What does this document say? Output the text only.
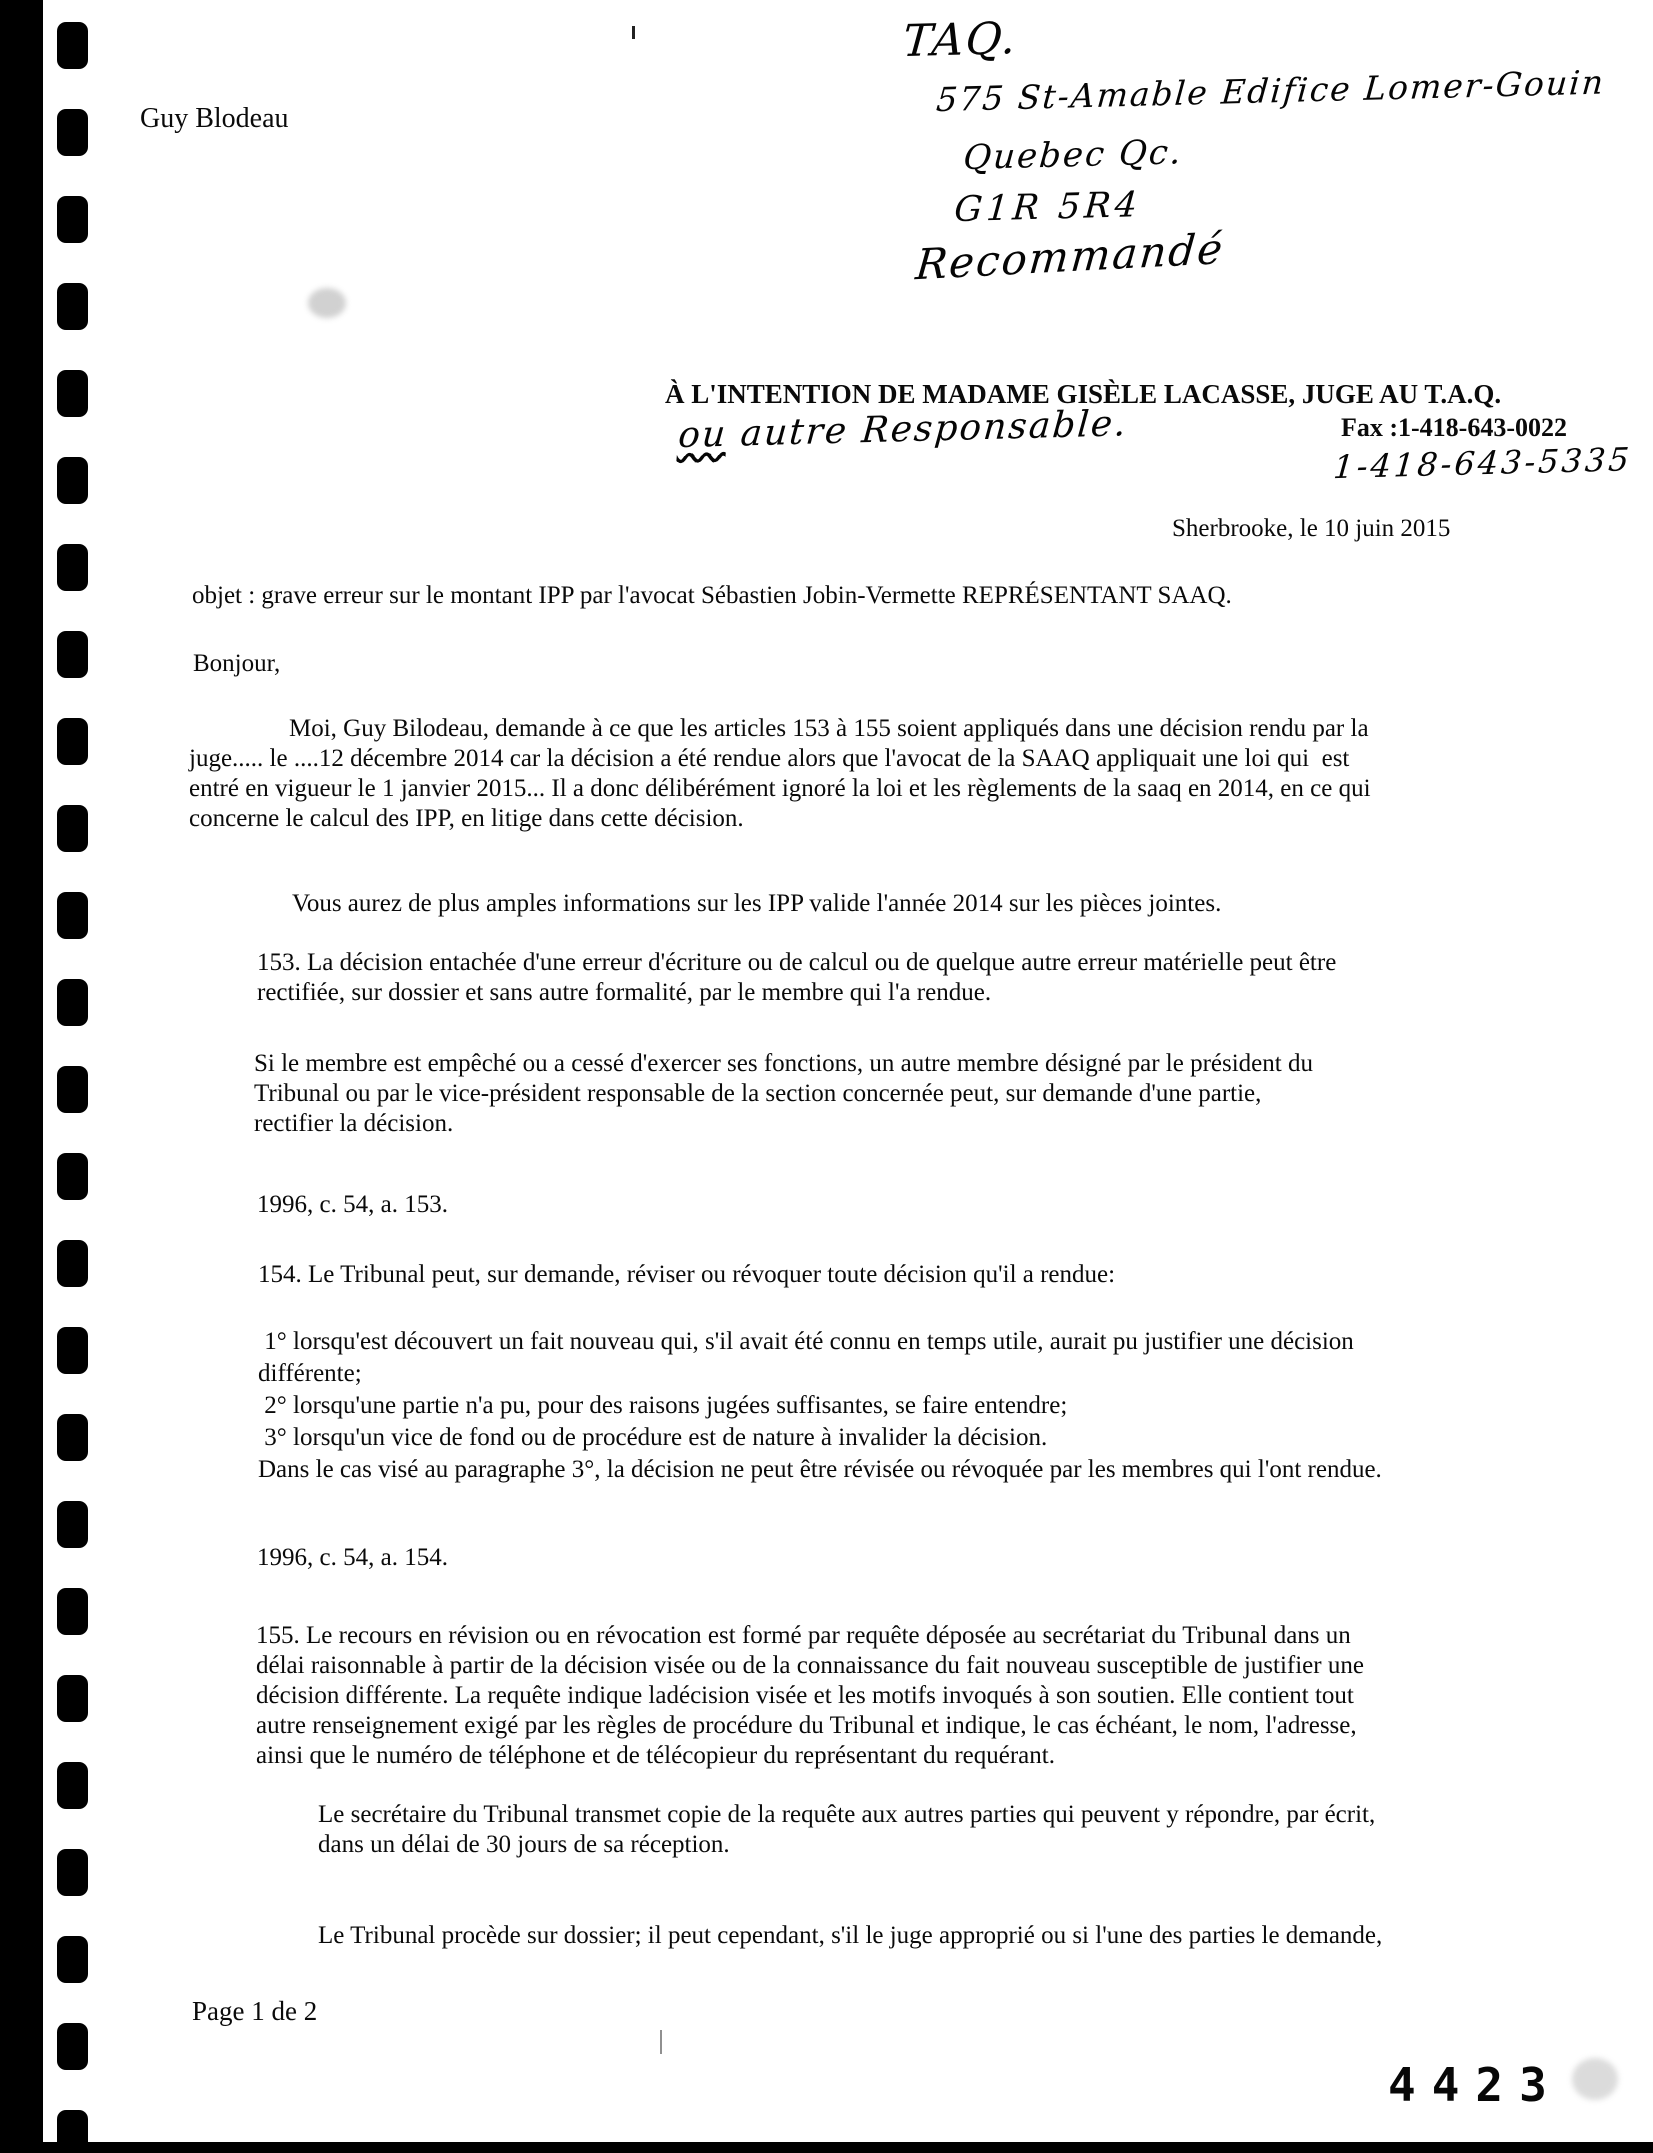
Guy Blodeau
TAQ.
575 St-Amable Edifice Lomer-Gouin
Quebec Qc.
G1R 5R4
Recommandé
À L'INTENTION DE MADAME GISÈLE LACASSE, JUGE AU T.A.Q.
Fax :1-418-643-0022
1-418-643-5335
ou autre Responsable.
Sherbrooke, le 10 juin 2015
objet : grave erreur sur le montant IPP par l'avocat Sébastien Jobin-Vermette REPRÉSENTANT SAAQ.
Bonjour,
Moi, Guy Bilodeau, demande à ce que les articles 153 à 155 soient appliqués dans une décision rendu par la
juge..... le ....12 décembre 2014 car la décision a été rendue alors que l'avocat de la SAAQ appliquait une loi qui  est
entré en vigueur le 1 janvier 2015... Il a donc délibérément ignoré la loi et les règlements de la saaq en 2014, en ce qui
concerne le calcul des IPP, en litige dans cette décision.
Vous aurez de plus amples informations sur les IPP valide l'année 2014 sur les pièces jointes.
153. La décision entachée d'une erreur d'écriture ou de calcul ou de quelque autre erreur matérielle peut être
rectifiée, sur dossier et sans autre formalité, par le membre qui l'a rendue.
Si le membre est empêché ou a cessé d'exercer ses fonctions, un autre membre désigné par le président du
Tribunal ou par le vice-président responsable de la section concernée peut, sur demande d'une partie,
rectifier la décision.
1996, c. 54, a. 153.
154. Le Tribunal peut, sur demande, réviser ou révoquer toute décision qu'il a rendue:
1° lorsqu'est découvert un fait nouveau qui, s'il avait été connu en temps utile, aurait pu justifier une décision
différente;
2° lorsqu'une partie n'a pu, pour des raisons jugées suffisantes, se faire entendre;
3° lorsqu'un vice de fond ou de procédure est de nature à invalider la décision.
Dans le cas visé au paragraphe 3°, la décision ne peut être révisée ou révoquée par les membres qui l'ont rendue.
1996, c. 54, a. 154.
155. Le recours en révision ou en révocation est formé par requête déposée au secrétariat du Tribunal dans un
délai raisonnable à partir de la décision visée ou de la connaissance du fait nouveau susceptible de justifier une
décision différente. La requête indique ladécision visée et les motifs invoqués à son soutien. Elle contient tout
autre renseignement exigé par les règles de procédure du Tribunal et indique, le cas échéant, le nom, l'adresse,
ainsi que le numéro de téléphone et de télécopieur du représentant du requérant.
Le secrétaire du Tribunal transmet copie de la requête aux autres parties qui peuvent y répondre, par écrit,
dans un délai de 30 jours de sa réception.
Le Tribunal procède sur dossier; il peut cependant, s'il le juge approprié ou si l'une des parties le demande,
Page 1 de 2
4423
